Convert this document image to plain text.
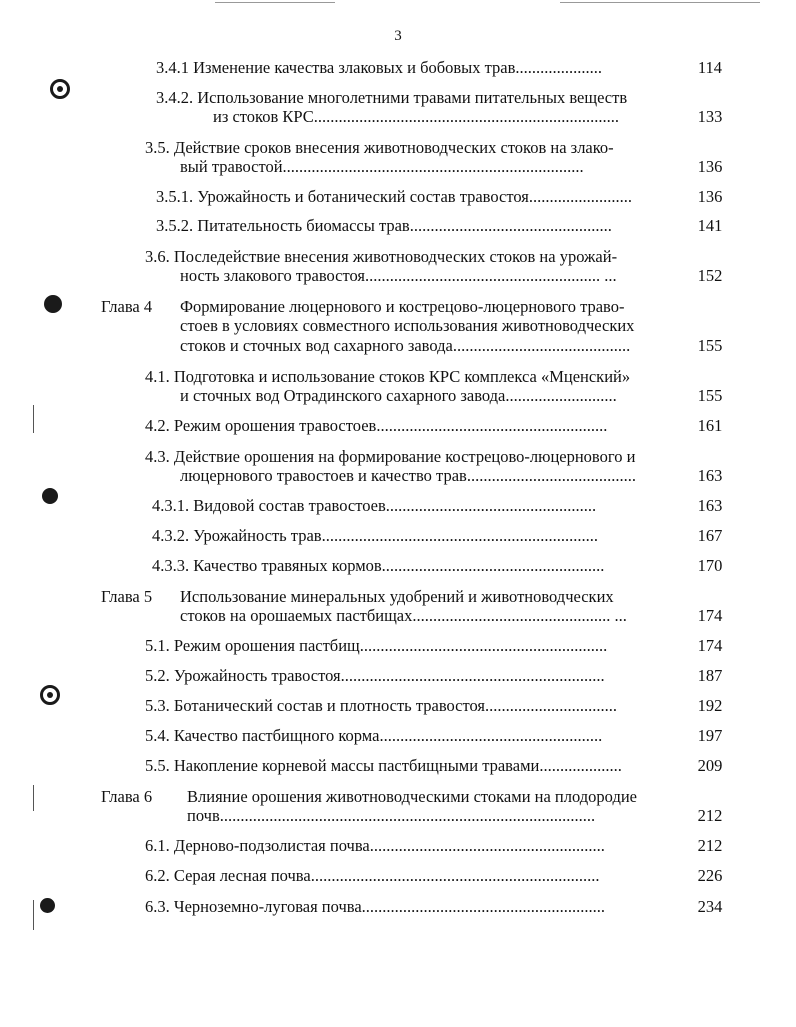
3
3.4.1 Изменение качества злаковых и бобовых трав.....................	114
3.4.2. Использование многолетними травами питательных веществ
из стоков КРС..........................................................................	133
3.5. Действие сроков внесения животноводческих стоков на злако-
вый травостой.........................................................................	136
3.5.1. Урожайность и ботанический состав травостоя.........................	136
3.5.2. Питательность биомассы трав.................................................	141
3.6. Последействие внесения животноводческих стоков на урожай-
ность злакового травостоя......................................................... ...	152
Глава 4 Формирование люцернового и кострецово-люцернового траво-
стоев в условиях совместного использования животноводческих
стоков и сточных вод сахарного завода...........................................	155
4.1. Подготовка и использование стоков КРС комплекса «Мценский»
и сточных вод Отрадинского сахарного завода...........................	155
4.2. Режим орошения травостоев........................................................	161
4.3. Действие орошения на формирование кострецово-люцернового и
люцернового травостоев и качество трав.........................................	163
4.3.1. Видовой состав травостоев...................................................	163
4.3.2. Урожайность трав...................................................................	167
4.3.3. Качество травяных кормов......................................................	170
Глава 5 Использование минеральных удобрений и животноводческих
стоков на орошаемых пастбищах................................................ ...	174
5.1. Режим орошения пастбищ............................................................	174
5.2. Урожайность травостоя................................................................	187
5.3. Ботанический состав и плотность травостоя................................	192
5.4. Качество пастбищного корма......................................................	197
5.5. Накопление корневой массы пастбищными травами....................	209
Глава 6 Влияние орошения животноводческими стоками на плодородие
почв...........................................................................................	212
6.1. Дерново-подзолистая почва.........................................................	212
6.2. Серая лесная почва......................................................................	226
6.3. Черноземно-луговая почва...........................................................	234
